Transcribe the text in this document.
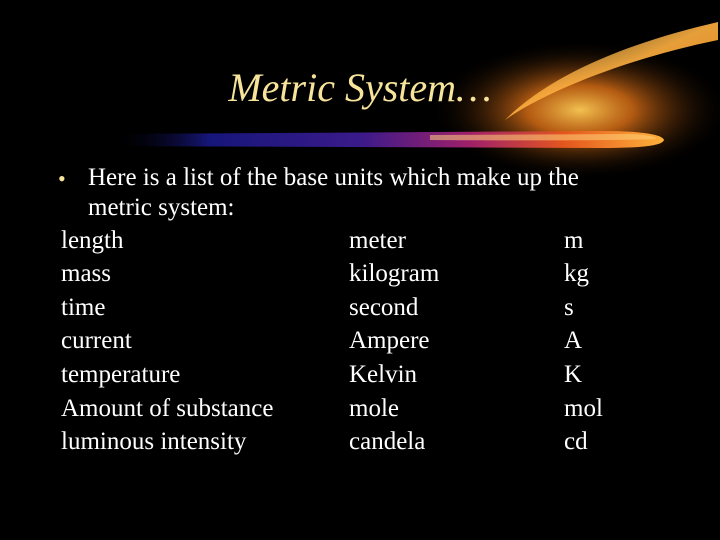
Metric System…
• Here is a list of the base units which make up the
metric system:
length	meter	m
mass	kilogram	kg
time	second	s
current	Ampere	A
temperature	Kelvin	K
Amount of substance	mole	mol
luminous intensity	candela	cd
